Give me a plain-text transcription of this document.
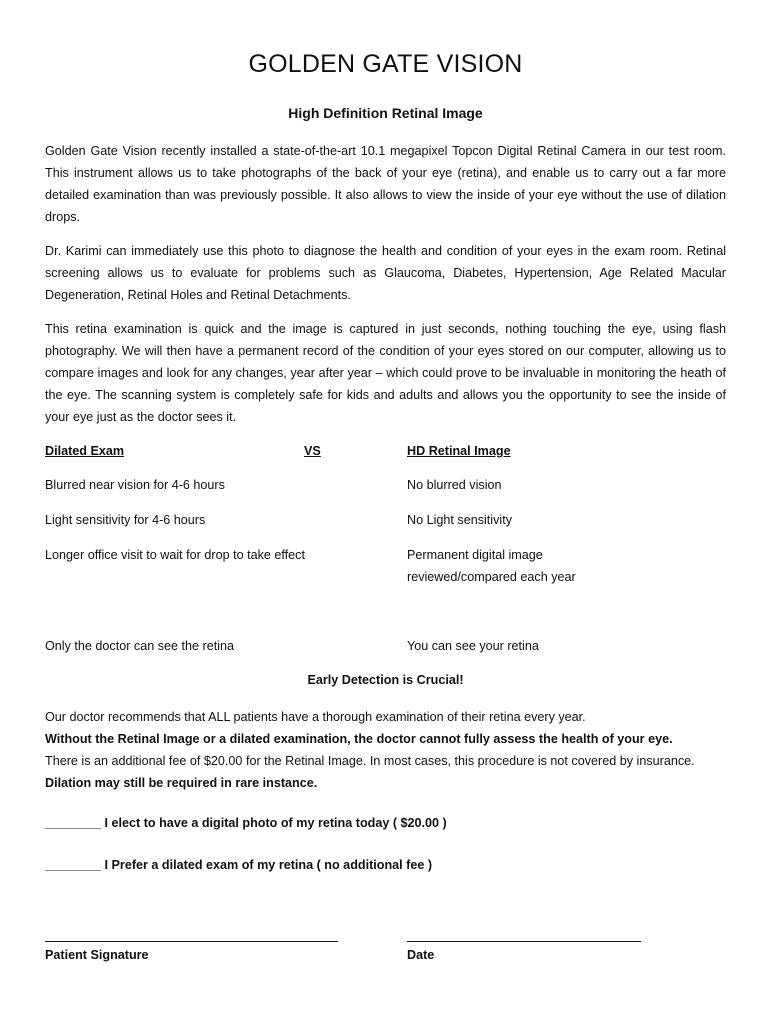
GOLDEN GATE VISION
High Definition Retinal Image

Golden Gate Vision recently installed a state-of-the-art 10.1 megapixel Topcon Digital Retinal Camera in our test room. This instrument allows us to take photographs of the back of your eye (retina), and enable us to carry out a far more detailed examination than was previously possible. It also allows to view the inside of your eye without the use of dilation drops.

Dr. Karimi can immediately use this photo to diagnose the health and condition of your eyes in the exam room. Retinal screening allows us to evaluate for problems such as Glaucoma, Diabetes, Hypertension, Age Related Macular Degeneration, Retinal Holes and Retinal Detachments.

This retina examination is quick and the image is captured in just seconds, nothing touching the eye, using flash photography. We will then have a permanent record of the condition of your eyes stored on our computer, allowing us to compare images and look for any changes, year after year – which could prove to be invaluable in monitoring the heath of the eye. The scanning system is completely safe for kids and adults and allows you the opportunity to see the inside of your eye just as the doctor sees it.

Dilated Exam	VS	HD Retinal Image
Blurred near vision for 4-6 hours	No blurred vision
Light sensitivity for 4-6 hours	No Light sensitivity
Longer office visit to wait for drop to take effect	Permanent digital image reviewed/compared each year
Only the doctor can see the retina	You can see your retina
Early Detection is Crucial!
Our doctor recommends that ALL patients have a thorough examination of their retina every year.
Without the Retinal Image or a dilated examination, the doctor cannot fully assess the health of your eye.
There is an additional fee of $20.00 for the Retinal Image. In most cases, this procedure is not covered by insurance. Dilation may still be required in rare instance.
________ I elect to have a digital photo of my retina today ( $20.00 )
________ I Prefer a dilated exam of my retina ( no additional fee )
Patient Signature	Date
